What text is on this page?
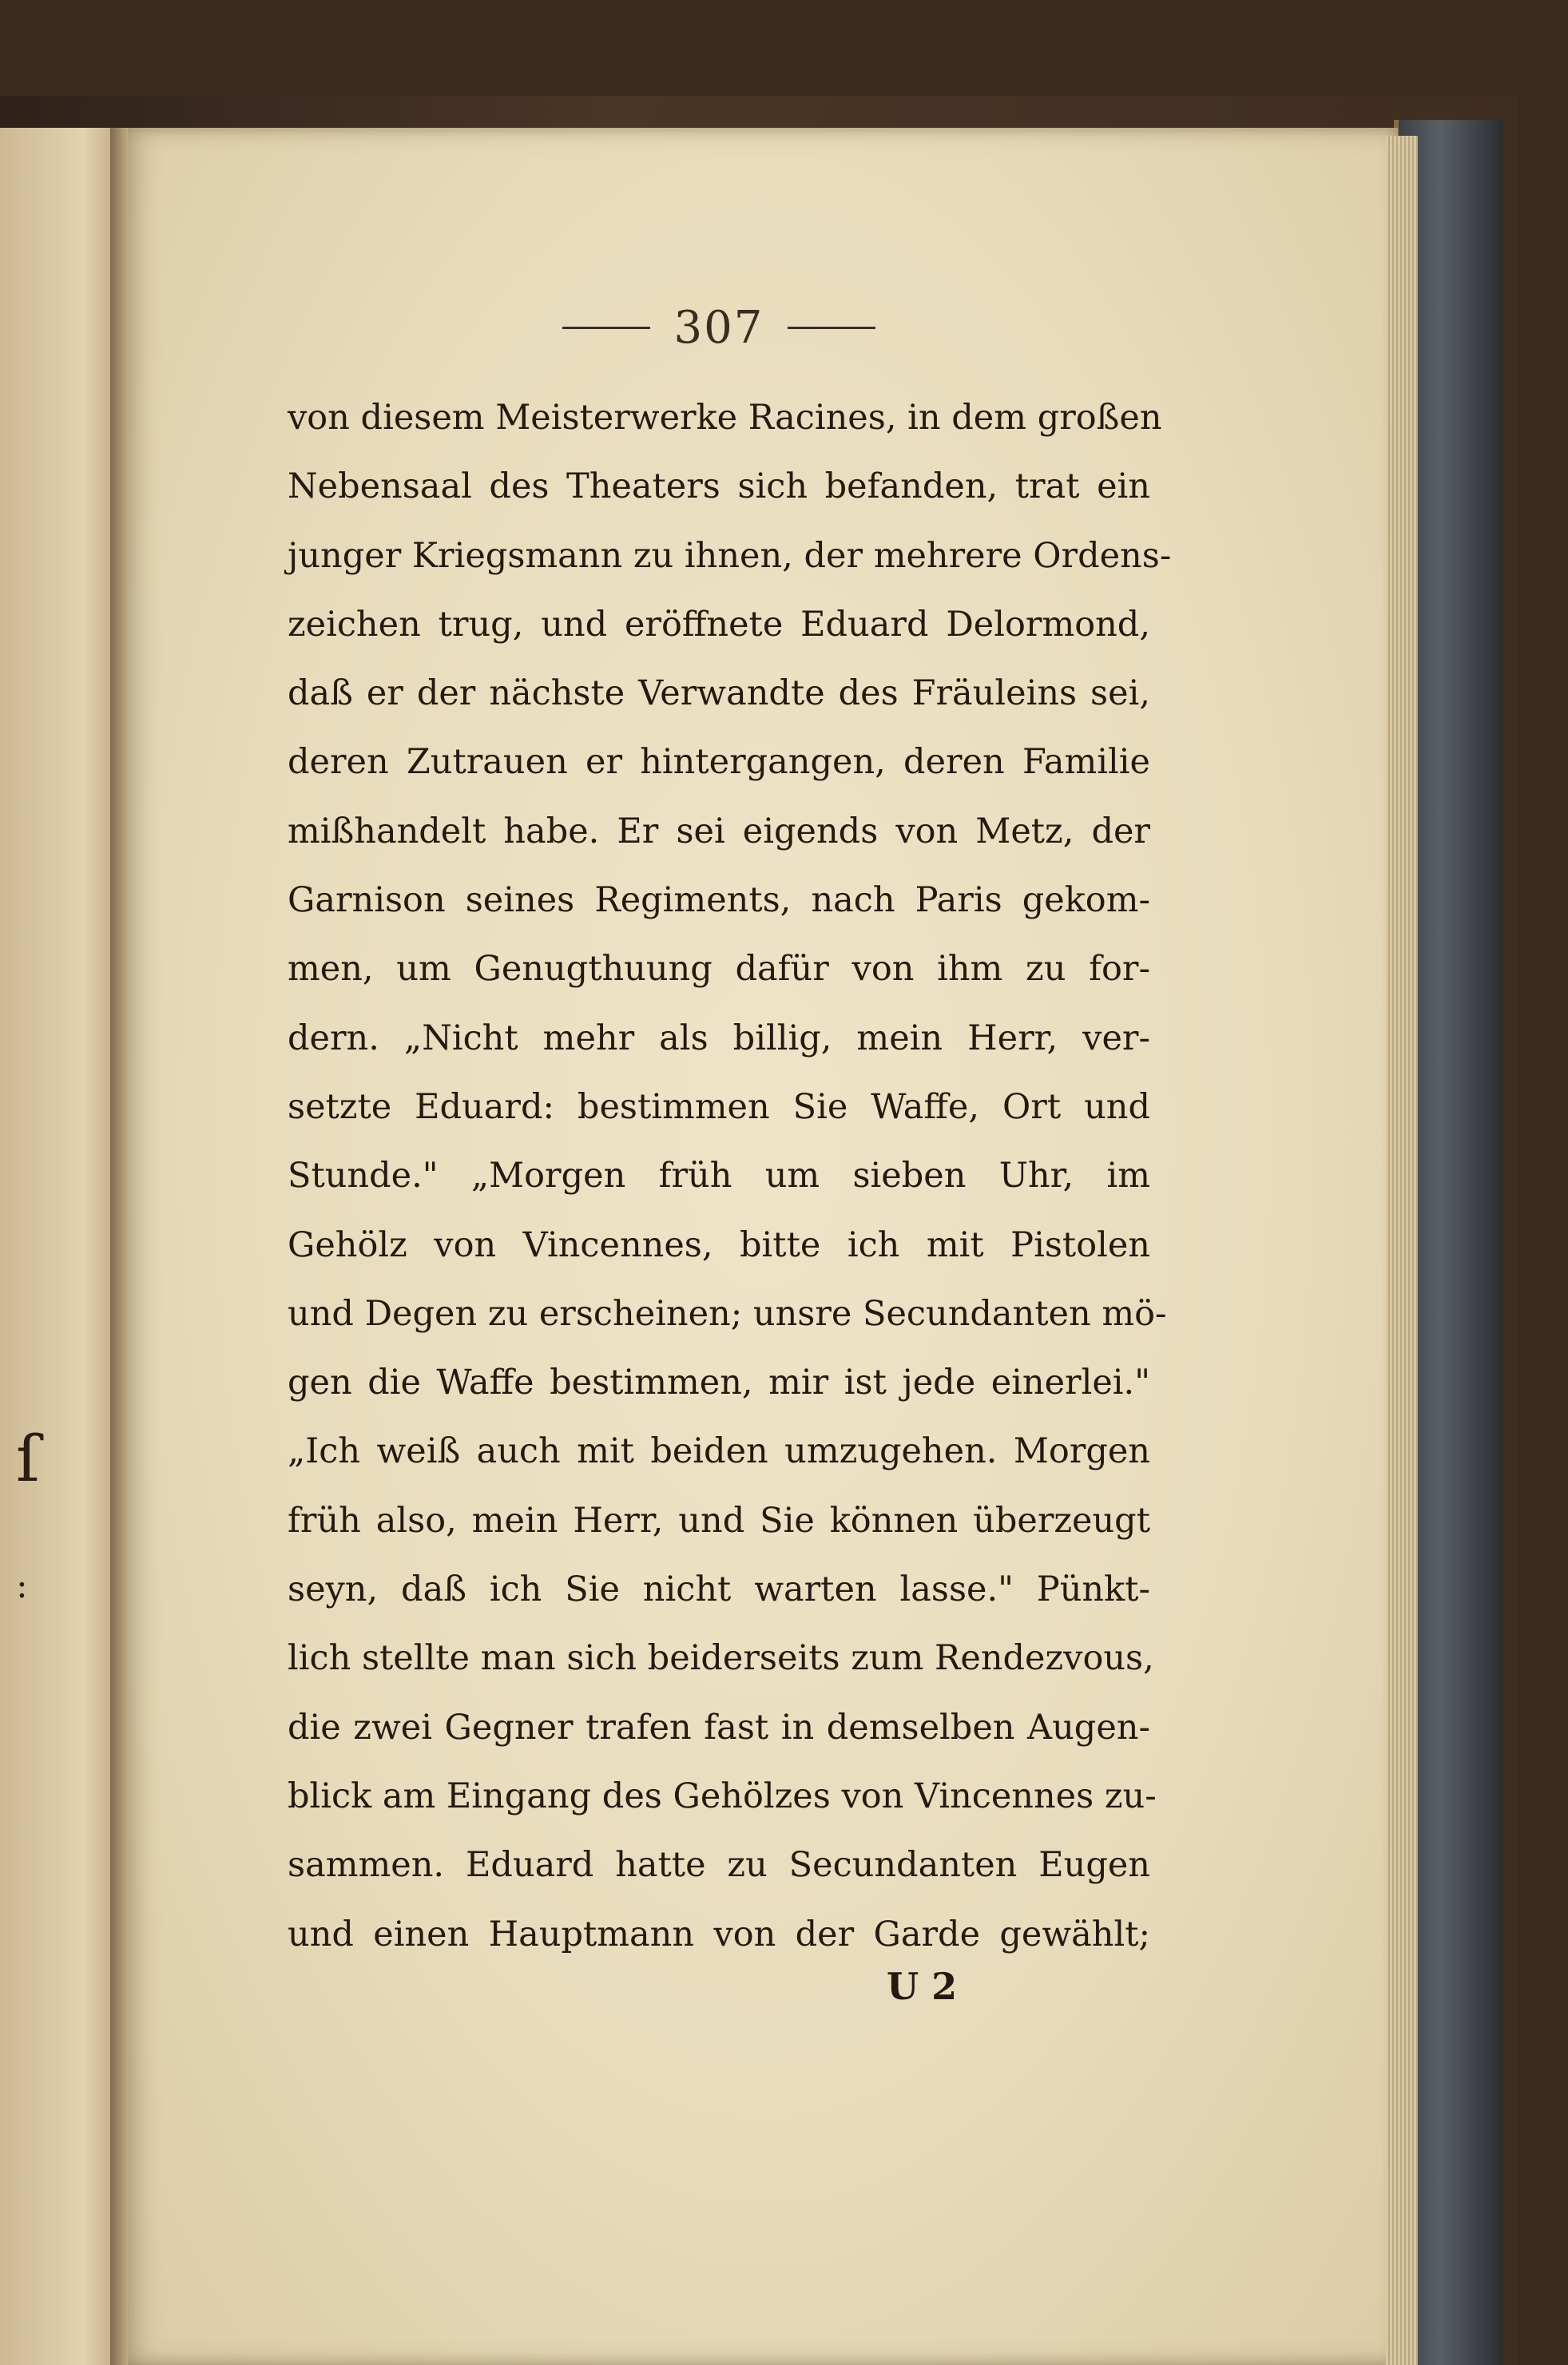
ſ
:
307
von diesem Meisterwerke Racines, in dem großen
Nebensaal des Theaters sich befanden, trat ein
junger Kriegsmann zu ihnen, der mehrere Ordens-
zeichen trug, und eröffnete Eduard Delormond,
daß er der nächste Verwandte des Fräuleins sei,
deren Zutrauen er hintergangen, deren Familie
mißhandelt habe. Er sei eigends von Metz, der
Garnison seines Regiments, nach Paris gekom-
men, um Genugthuung dafür von ihm zu for-
dern. „Nicht mehr als billig, mein Herr, ver-
setzte Eduard: bestimmen Sie Waffe, Ort und
Stunde." „Morgen früh um sieben Uhr, im
Gehölz von Vincennes, bitte ich mit Pistolen
und Degen zu erscheinen; unsre Secundanten mö-
gen die Waffe bestimmen, mir ist jede einerlei."
„Ich weiß auch mit beiden umzugehen. Morgen
früh also, mein Herr, und Sie können überzeugt
seyn, daß ich Sie nicht warten lasse." Pünkt-
lich stellte man sich beiderseits zum Rendezvous,
die zwei Gegner trafen fast in demselben Augen-
blick am Eingang des Gehölzes von Vincennes zu-
sammen. Eduard hatte zu Secundanten Eugen
und einen Hauptmann von der Garde gewählt;
U 2
